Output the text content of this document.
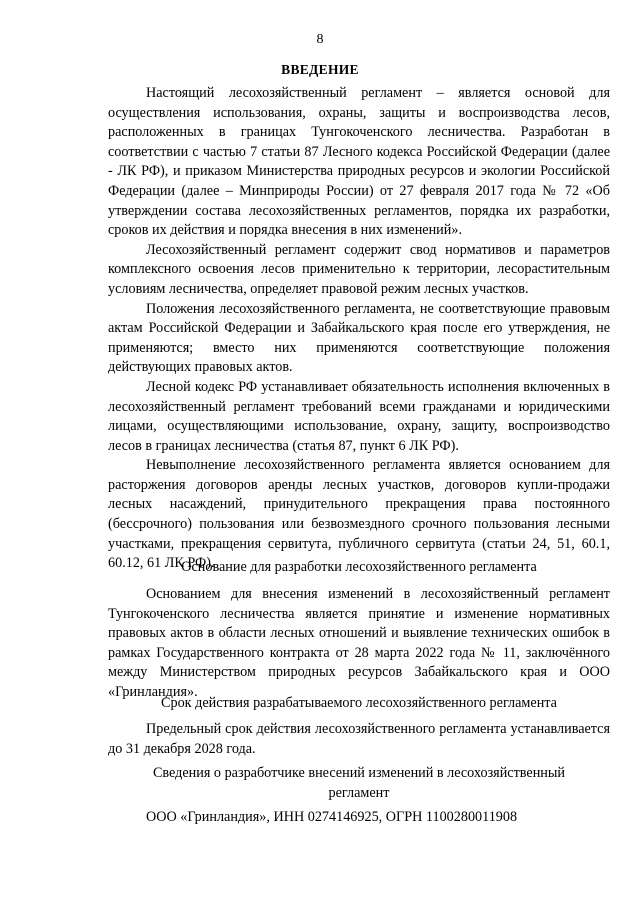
8
ВВЕДЕНИЕ

Настоящий лесохозяйственный регламент – является основой для осуществления использования, охраны, защиты и воспроизводства лесов, расположенных в границах Тунгокоченского лесничества. Разработан в соответствии с частью 7 статьи 87 Лесного кодекса Российской Федерации (далее - ЛК РФ), и приказом Министерства природных ресурсов и экологии Российской Федерации (далее – Минприроды России) от 27 февраля 2017 года № 72 «Об утверждении состава лесохозяйственных регламентов, порядка их разработки, сроков их действия и порядка внесения в них изменений».

Лесохозяйственный регламент содержит свод нормативов и параметров комплексного освоения лесов применительно к территории, лесорастительным условиям лесничества, определяет правовой режим лесных участков.

Положения лесохозяйственного регламента, не соответствующие правовым актам Российской Федерации и Забайкальского края после его утверждения, не применяются; вместо них применяются соответствующие положения действующих правовых актов.

Лесной кодекс РФ устанавливает обязательность исполнения включенных в лесохозяйственный регламент требований всеми гражданами и юридическими лицами, осуществляющими использование, охрану, защиту, воспроизводство лесов в границах лесничества (статья 87, пункт 6 ЛК РФ).

Невыполнение лесохозяйственного регламента является основанием для расторжения договоров аренды лесных участков, договоров купли-продажи лесных насаждений, принудительного прекращения права постоянного (бессрочного) пользования или безвозмездного срочного пользования лесными участками, прекращения сервитута, публичного сервитута (статьи 24, 51, 60.1, 60.12, 61 ЛК РФ).

Основание для разработки лесохозяйственного регламента

Основанием для внесения изменений в лесохозяйственный регламент Тунгокоченского лесничества является принятие и изменение нормативных правовых актов в области лесных отношений и выявление технических ошибок в рамках Государственного контракта от 28 марта 2022 года № 11, заключённого между Министерством природных ресурсов Забайкальского края и ООО «Гринландия».

Срок действия разрабатываемого лесохозяйственного регламента

Предельный срок действия лесохозяйственного регламента устанавливается до 31 декабря 2028 года.

Сведения о разработчике внесений изменений в лесохозяйственный регламент

ООО «Гринландия», ИНН 0274146925, ОГРН 1100280011908
